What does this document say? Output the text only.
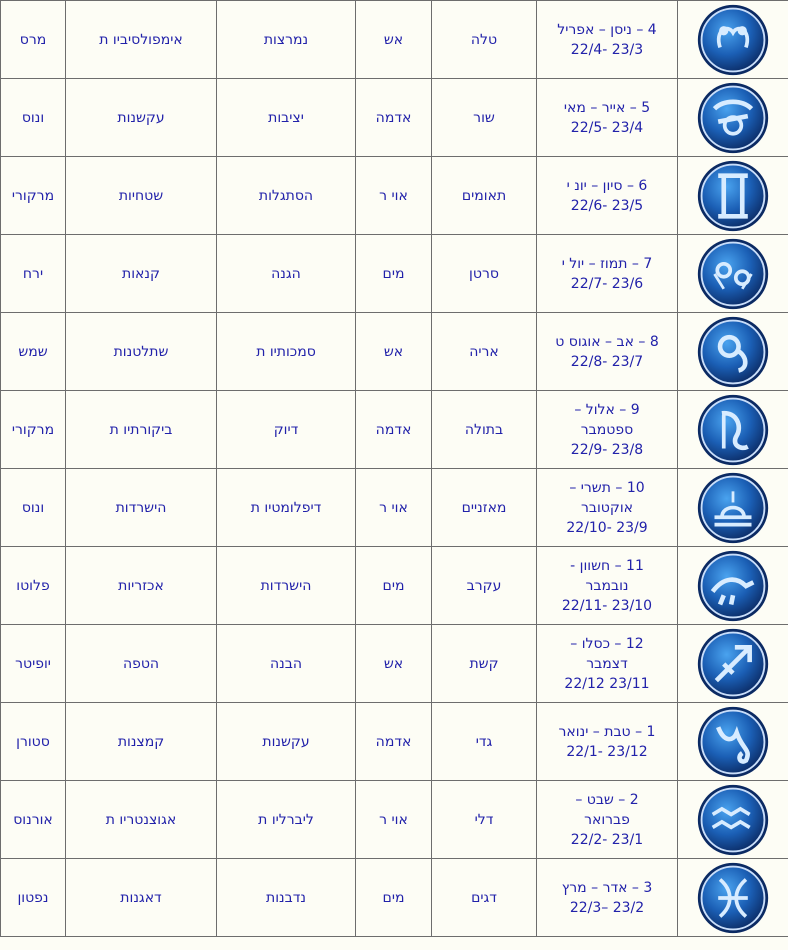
מרס	אימפולסיביו ת	נמרצות	אש	טלה	4 – ניסן – אפריל
22/4- 23/3

ונוס	עקשנות	יציבות	אדמה	שור	5 – אייר – מאי
22/5- 23/4

מרקורי	שטחיות	הסתגלות	אוי ר	תאומים	6 – סיון – יונ י
22/6- 23/5

ירח	קנאות	הגנה	מים	סרטן	7 – תמוז – יול י
22/7- 23/6

שמש	שתלטנות	סמכותיו ת	אש	אריה	8 – אב – אוגוס ט
22/8- 23/7

מרקורי	ביקורתיו ת	דיוק	אדמה	בתולה	9 – אלול –
ספטמבר
22/9- 23/8

ונוס	הישרדות	דיפלומטיו ת	אוי ר	מאזניים	10 – תשרי –
אוקטובר
22/10- 23/9

פלוטו	אכזריות	הישרדות	מים	עקרב	11 – חשוון -
נובמבר
22/11- 23/10

יופיטר	הטפה	הבנה	אש	קשת	12 – כסלו –
דצמבר
22/12 23/11

סטורן	קמצנות	עקשנות	אדמה	גדי	1 – טבת – ינואר
22/1- 23/12

אורנוס	אגוצנטריו ת	ליברליו ת	אוי ר	דלי	2 – שבט –
פברואר
22/2- 23/1

נפטון	דאגנות	נדבנות	מים	דגים	3 – אדר – מרץ
22/3– 23/2
